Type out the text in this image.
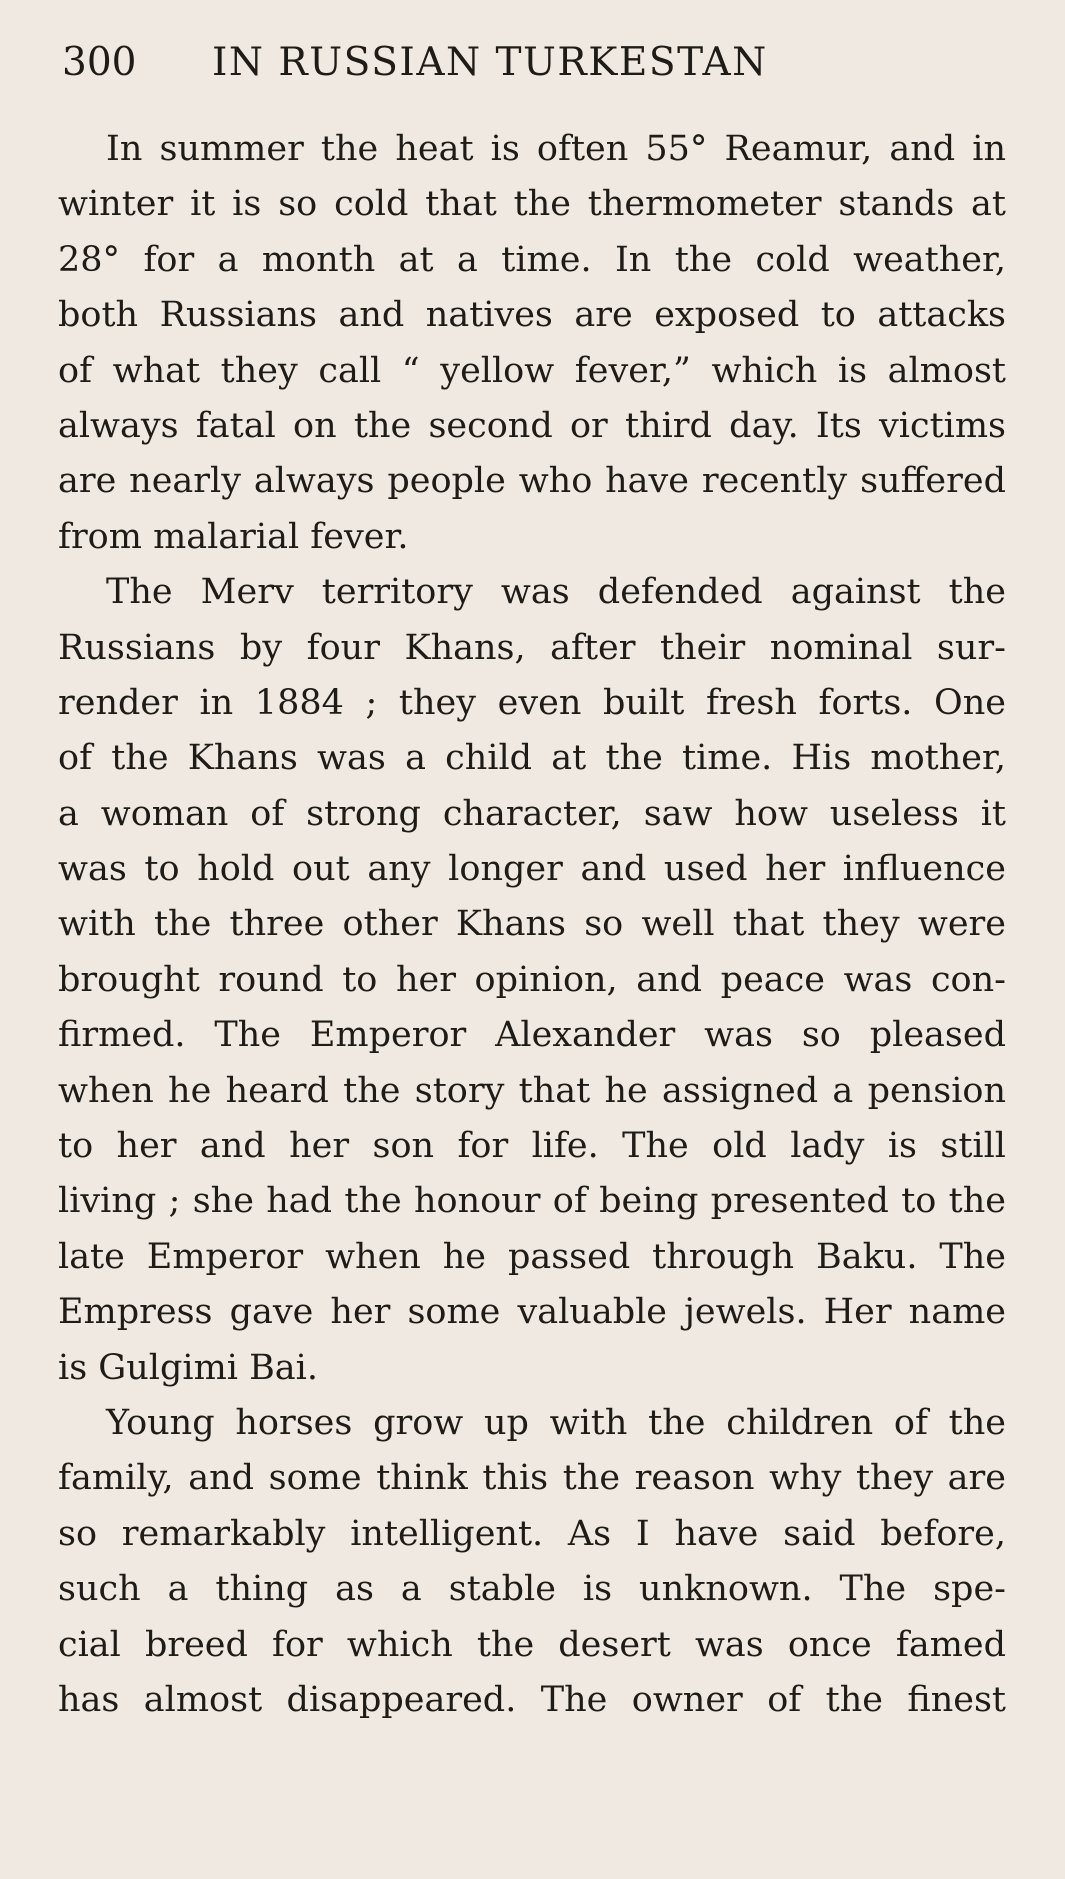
300	IN RUSSIAN TURKESTAN
In summer the heat is often 55° Reamur, and in
winter it is so cold that the thermometer stands at
28° for a month at a time. In the cold weather,
both Russians and natives are exposed to attacks
of what they call “ yellow fever,” which is almost
always fatal on the second or third day. Its victims
are nearly always people who have recently suffered
from malarial fever.
The Merv territory was defended against the
Russians by four Khans, after their nominal sur-
render in 1884 ; they even built fresh forts. One
of the Khans was a child at the time. His mother,
a woman of strong character, saw how useless it
was to hold out any longer and used her influence
with the three other Khans so well that they were
brought round to her opinion, and peace was con-
firmed. The Emperor Alexander was so pleased
when he heard the story that he assigned a pension
to her and her son for life. The old lady is still
living ; she had the honour of being presented to the
late Emperor when he passed through Baku. The
Empress gave her some valuable jewels. Her name
is Gulgimi Bai.
Young horses grow up with the children of the
family, and some think this the reason why they are
so remarkably intelligent. As I have said before,
such a thing as a stable is unknown. The spe-
cial breed for which the desert was once famed
has almost disappeared. The owner of the finest
